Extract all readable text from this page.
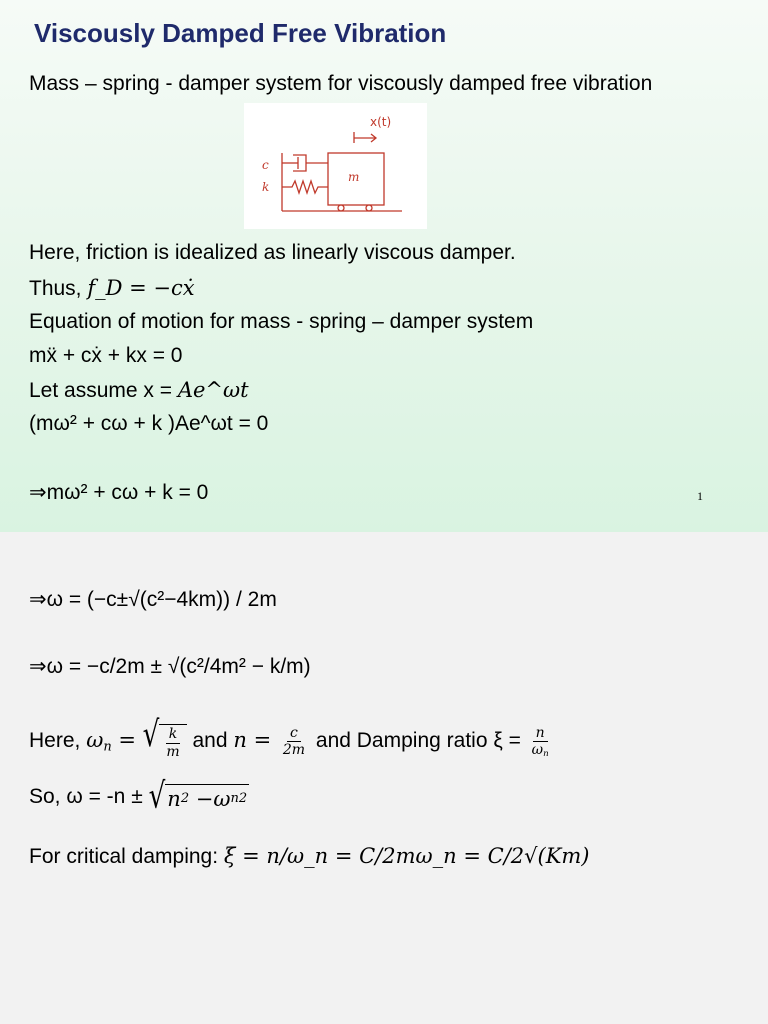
Viscously Damped Free Vibration
Mass – spring - damper system for viscously damped free vibration
c
k
m
x(t)
Here, friction is idealized as linearly viscous damper.
Thus, f_D = −cẋ
Equation of motion for mass - spring – damper system
mẍ + cẋ + kx = 0
Let assume x = Ae^ωt
(mω² + cω + k )Ae^ωt = 0
⇒mω² + cω + k = 0	1
⇒ω = (−c±√(c²−4km)) / 2m
⇒ω = −c/2m ± √(c²/4m² − k/m)
Here, $\omega_n$ = √ $\frac{k}{m}$ and $n = \frac{c}{2m}$ and Damping ratio $\xi = \frac{n}{\omega_n}$
So, ω = -n ± √ n 2 −ω n 2
For critical damping: ξ = n/ω_n = C/2mω_n = C/2√(Km)
